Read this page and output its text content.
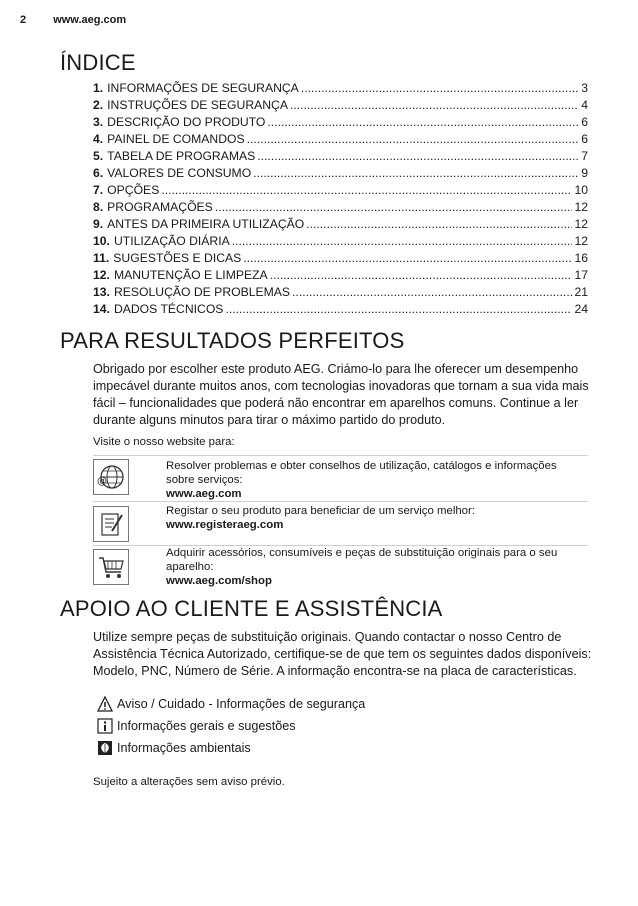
2 www.aeg.com
ÍNDICE
1. INFORMAÇÕES DE SEGURANÇA .....	3
2. INSTRUÇÕES DE SEGURANÇA .....	4
3. DESCRIÇÃO DO PRODUTO .....	6
4. PAINEL DE COMANDOS .....	6
5. TABELA DE PROGRAMAS .....	7
6. VALORES DE CONSUMO .....	9
7. OPÇÕES .....	10
8. PROGRAMAÇÕES .....	12
9. ANTES DA PRIMEIRA UTILIZAÇÃO .....	12
10. UTILIZAÇÃO DIÁRIA .....	12
11. SUGESTÕES E DICAS .....	16
12. MANUTENÇÃO E LIMPEZA .....	17
13. RESOLUÇÃO DE PROBLEMAS .....	21
14. DADOS TÉCNICOS .....	24
PARA RESULTADOS PERFEITOS
Obrigado por escolher este produto AEG. Criámo-lo para lhe oferecer um desempenho impecável durante muitos anos, com tecnologias inovadoras que tornam a sua vida mais fácil – funcionalidades que poderá não encontrar em aparelhos comuns. Continue a ler durante alguns minutos para tirar o máximo partido do produto.
Visite o nosso website para:
@
Resolver problemas e obter conselhos de utilização, catálogos e informações sobre serviços:
www.aeg.com
Registar o seu produto para beneficiar de um serviço melhor:
www.registeraeg.com
Adquirir acessórios, consumíveis e peças de substituição originais para o seu aparelho:
www.aeg.com/shop
APOIO AO CLIENTE E ASSISTÊNCIA
Utilize sempre peças de substituição originais. Quando contactar o nosso Centro de Assistência Técnica Autorizado, certifique-se de que tem os seguintes dados disponíveis: Modelo, PNC, Número de Série. A informação encontra-se na placa de características.
Aviso / Cuidado - Informações de segurança
Informações gerais e sugestões
Informações ambientais
Sujeito a alterações sem aviso prévio.
